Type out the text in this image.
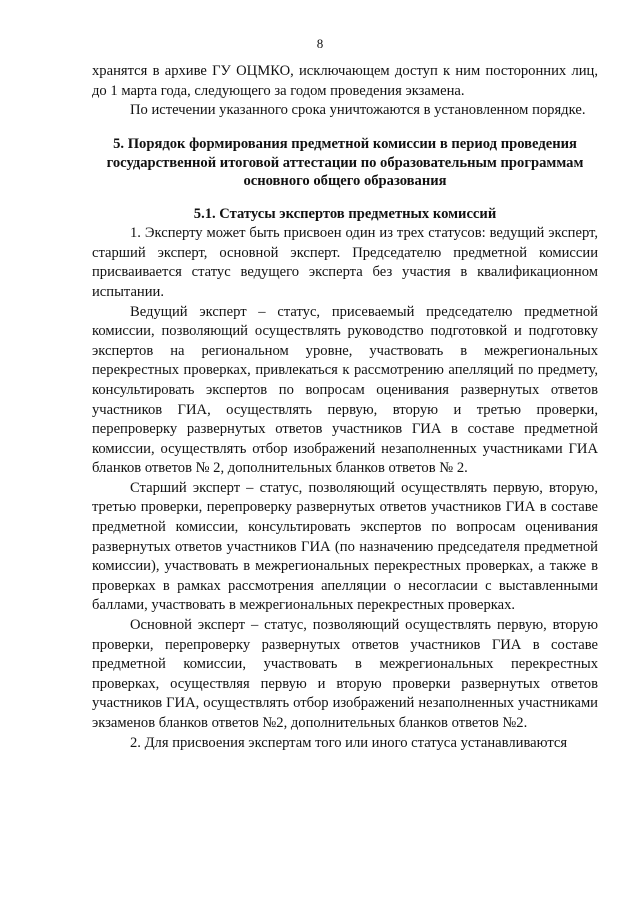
8

хранятся в архиве ГУ ОЦМКО, исключающем доступ к ним посторонних лиц, до 1 марта года, следующего за годом проведения экзамена.

По истечении указанного срока уничтожаются в установленном порядке.

5. Порядок формирования предметной комиссии в период проведения государственной итоговой аттестации по образовательным программам основного общего образования
5.1. Статусы экспертов предметных комиссий

1. Эксперту может быть присвоен один из трех статусов: ведущий эксперт, старший эксперт, основной эксперт. Председателю предметной комиссии присваивается статус ведущего эксперта без участия в квалификационном испытании.

Ведущий эксперт – статус, присеваемый председателю предметной комиссии, позволяющий осуществлять руководство подготовкой и подготовку экспертов на региональном уровне, участвовать в межрегиональных перекрестных проверках, привлекаться к рассмотрению апелляций по предмету, консультировать экспертов по вопросам оценивания развернутых ответов участников ГИА, осуществлять первую, вторую и третью проверки, перепроверку развернутых ответов участников ГИА в составе предметной комиссии, осуществлять отбор изображений незаполненных участниками ГИА бланков ответов № 2, дополнительных бланков ответов № 2.

Старший эксперт – статус, позволяющий осуществлять первую, вторую, третью проверки, перепроверку развернутых ответов участников ГИА в составе предметной комиссии, консультировать экспертов по вопросам оценивания развернутых ответов участников ГИА (по назначению председателя предметной комиссии), участвовать в межрегиональных перекрестных проверках, а также в проверках в рамках рассмотрения апелляции о несогласии с выставленными баллами, участвовать в межрегиональных перекрестных проверках.

Основной эксперт – статус, позволяющий осуществлять первую, вторую проверки, перепроверку развернутых ответов участников ГИА в составе предметной комиссии, участвовать в межрегиональных перекрестных проверках, осуществляя первую и вторую проверки развернутых ответов участников ГИА, осуществлять отбор изображений незаполненных участниками экзаменов бланков ответов №2, дополнительных бланков ответов №2.

2. Для присвоения экспертам того или иного статуса устанавливаются
